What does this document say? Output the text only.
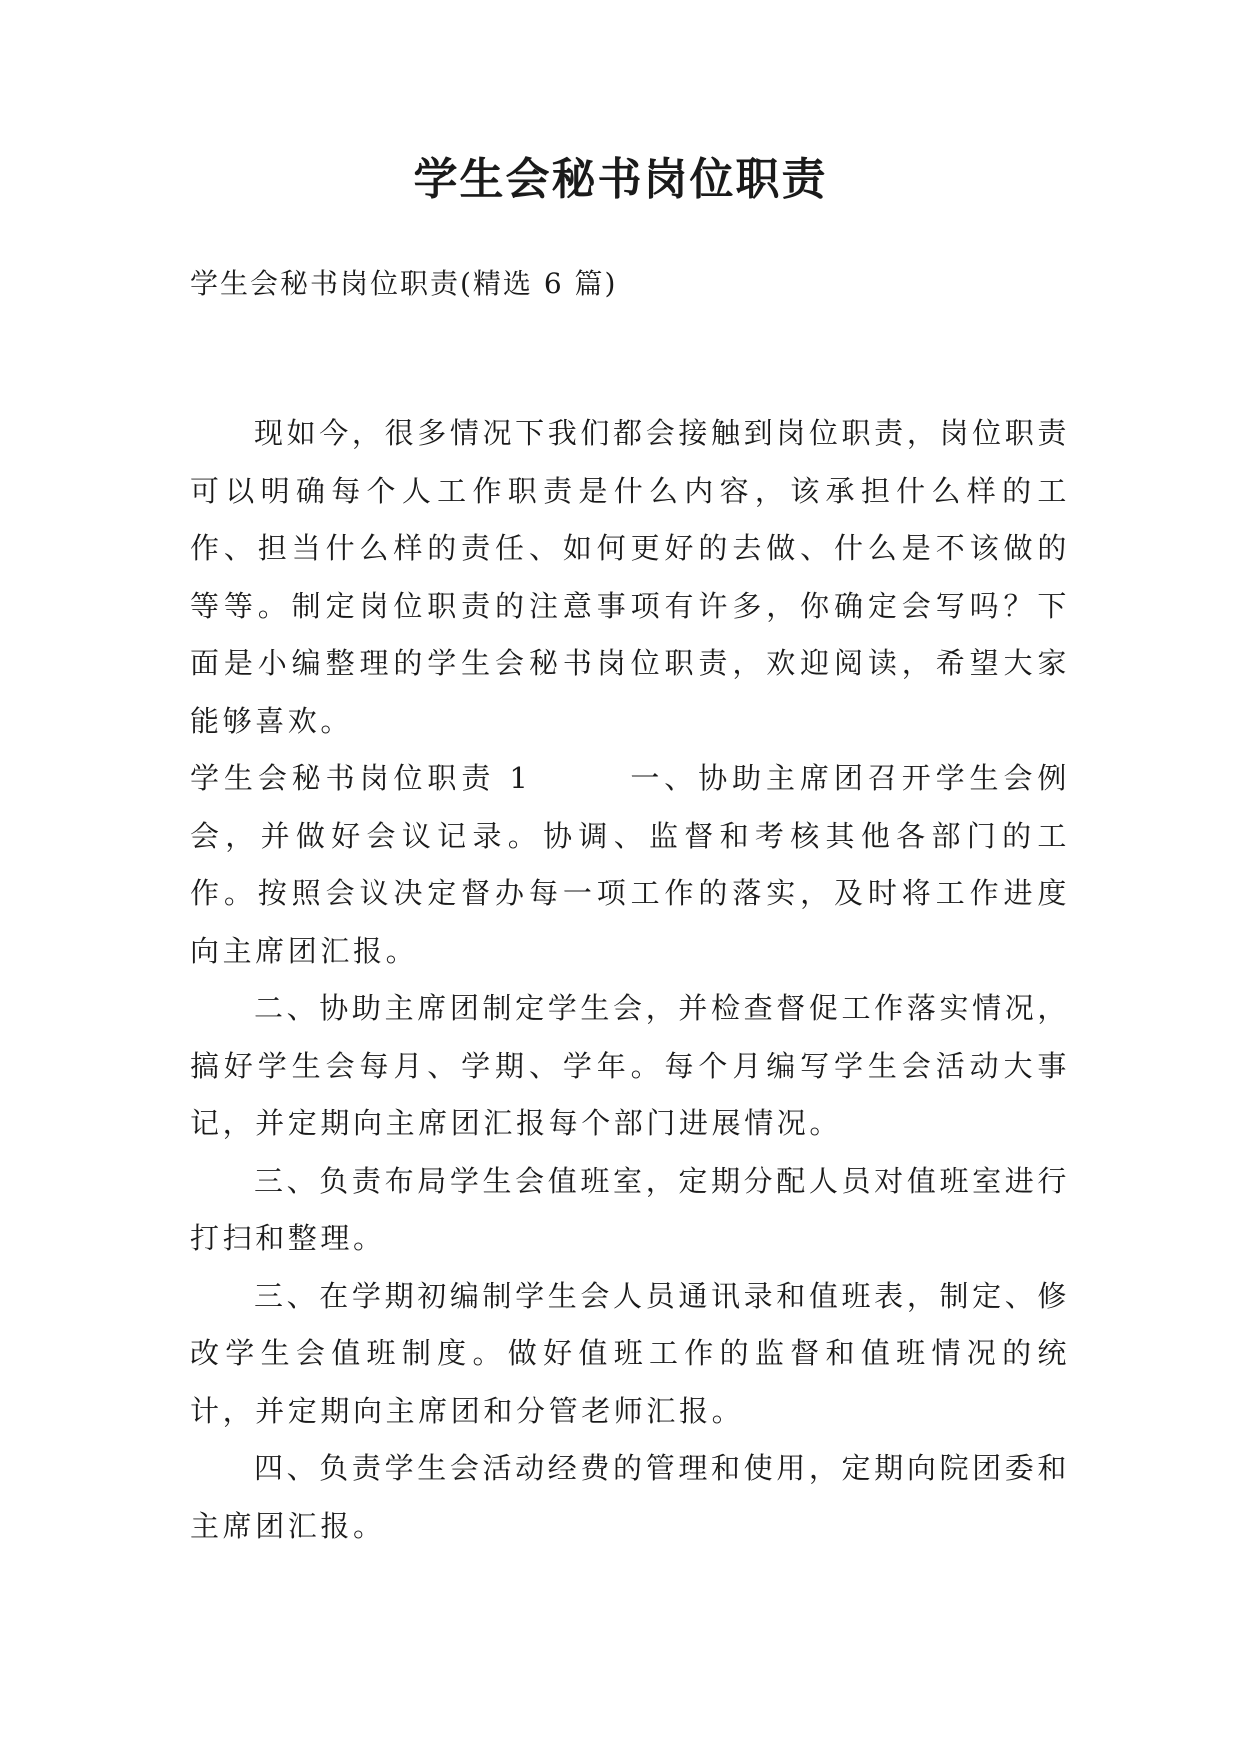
学生会秘书岗位职责

学生会秘书岗位职责(精选 6 篇)

现如今，很多情况下我们都会接触到岗位职责，岗位职责可以明确每个人工作职责是什么内容，该承担什么样的工作、担当什么样的责任、如何更好的去做、什么是不该做的等等。制定岗位职责的注意事项有许多，你确定会写吗？下面是小编整理的学生会秘书岗位职责，欢迎阅读，希望大家能够喜欢。

学生会秘书岗位职责 1	一、协助主席团召开学生会例会，并做好会议记录。协调、监督和考核其他各部门的工作。按照会议决定督办每一项工作的落实，及时将工作进度向主席团汇报。

二、协助主席团制定学生会，并检查督促工作落实情况，搞好学生会每月、学期、学年。每个月编写学生会活动大事记，并定期向主席团汇报每个部门进展情况。

三、负责布局学生会值班室，定期分配人员对值班室进行打扫和整理。

三、在学期初编制学生会人员通讯录和值班表，制定、修改学生会值班制度。做好值班工作的监督和值班情况的统计，并定期向主席团和分管老师汇报。

四、负责学生会活动经费的管理和使用，定期向院团委和主席团汇报。
